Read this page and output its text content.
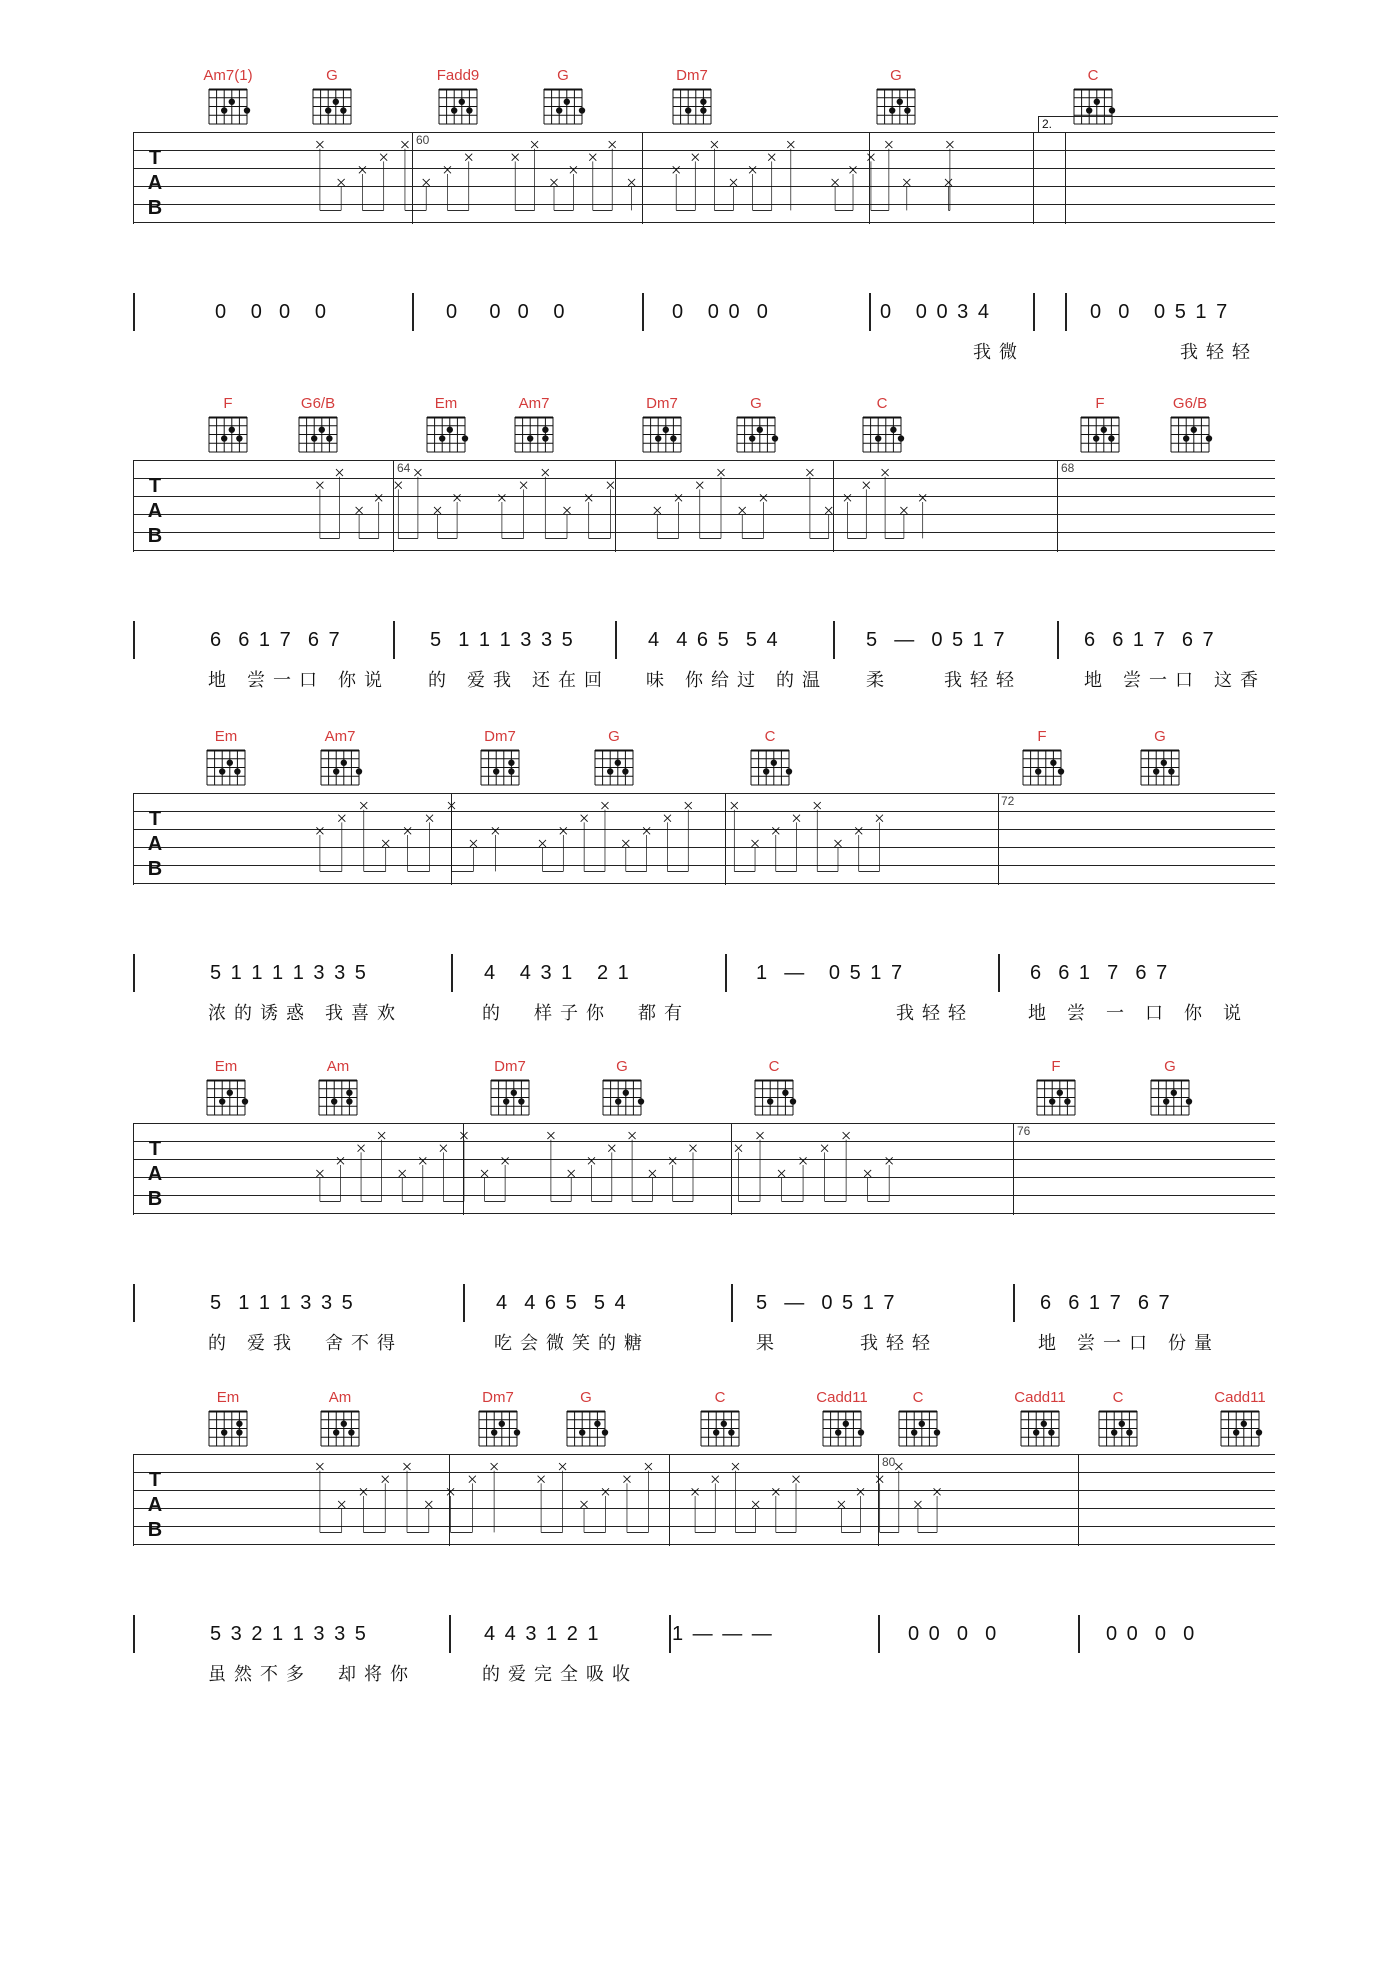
Am7(1)	G	Fadd9	G	Dm7	G	C
T
A
B
60
2.
0   0  0   0	0    0  0   0	0   0 0  0	0   0 0 3 4	0  0   0 5 1 7
我微	我轻轻
F	G6/B	Em	Am7	Dm7	G	C	F	G6/B
T
A
B
64	68
6  6 1 7  6 7	5  1 1 1 3 3 5	4  4 6 5  5 4	5  —  0 5 1 7	6  6 1 7  6 7
地 尝一口 你说 的 爱我 还在回 味 你给过 的温 柔    我轻轻	地 尝一口 这香
Em	Am7	Dm7	G	C	F	G
T
A
B
72
5 1 1 1 1 3 3 5	4   4 3 1   2 1	1  —   0 5 1 7	6  6 1  7  6 7
浓的诱惑 我喜欢	的  样子你  都有	我轻轻	地 尝 一 口 你 说
Em	Am	Dm7	G	C	F	G
T
A
B
76
5  1 1 1 3 3 5	4  4 6 5  5 4	5  —  0 5 1 7	6  6 1 7  6 7
的 爱我  舍不得	吃会微笑的糖	果      我轻轻	地 尝一口 份量
Em	Am	Dm7	G	C	Cadd11	C	Cadd11	C	Cadd11
T
A
B
80
5 3 2 1 1 3 3 5	4 4 3 1 2 1	1 — — —	0 0  0  0	0 0  0  0
虽然不多  却将你	的爱完全吸收
